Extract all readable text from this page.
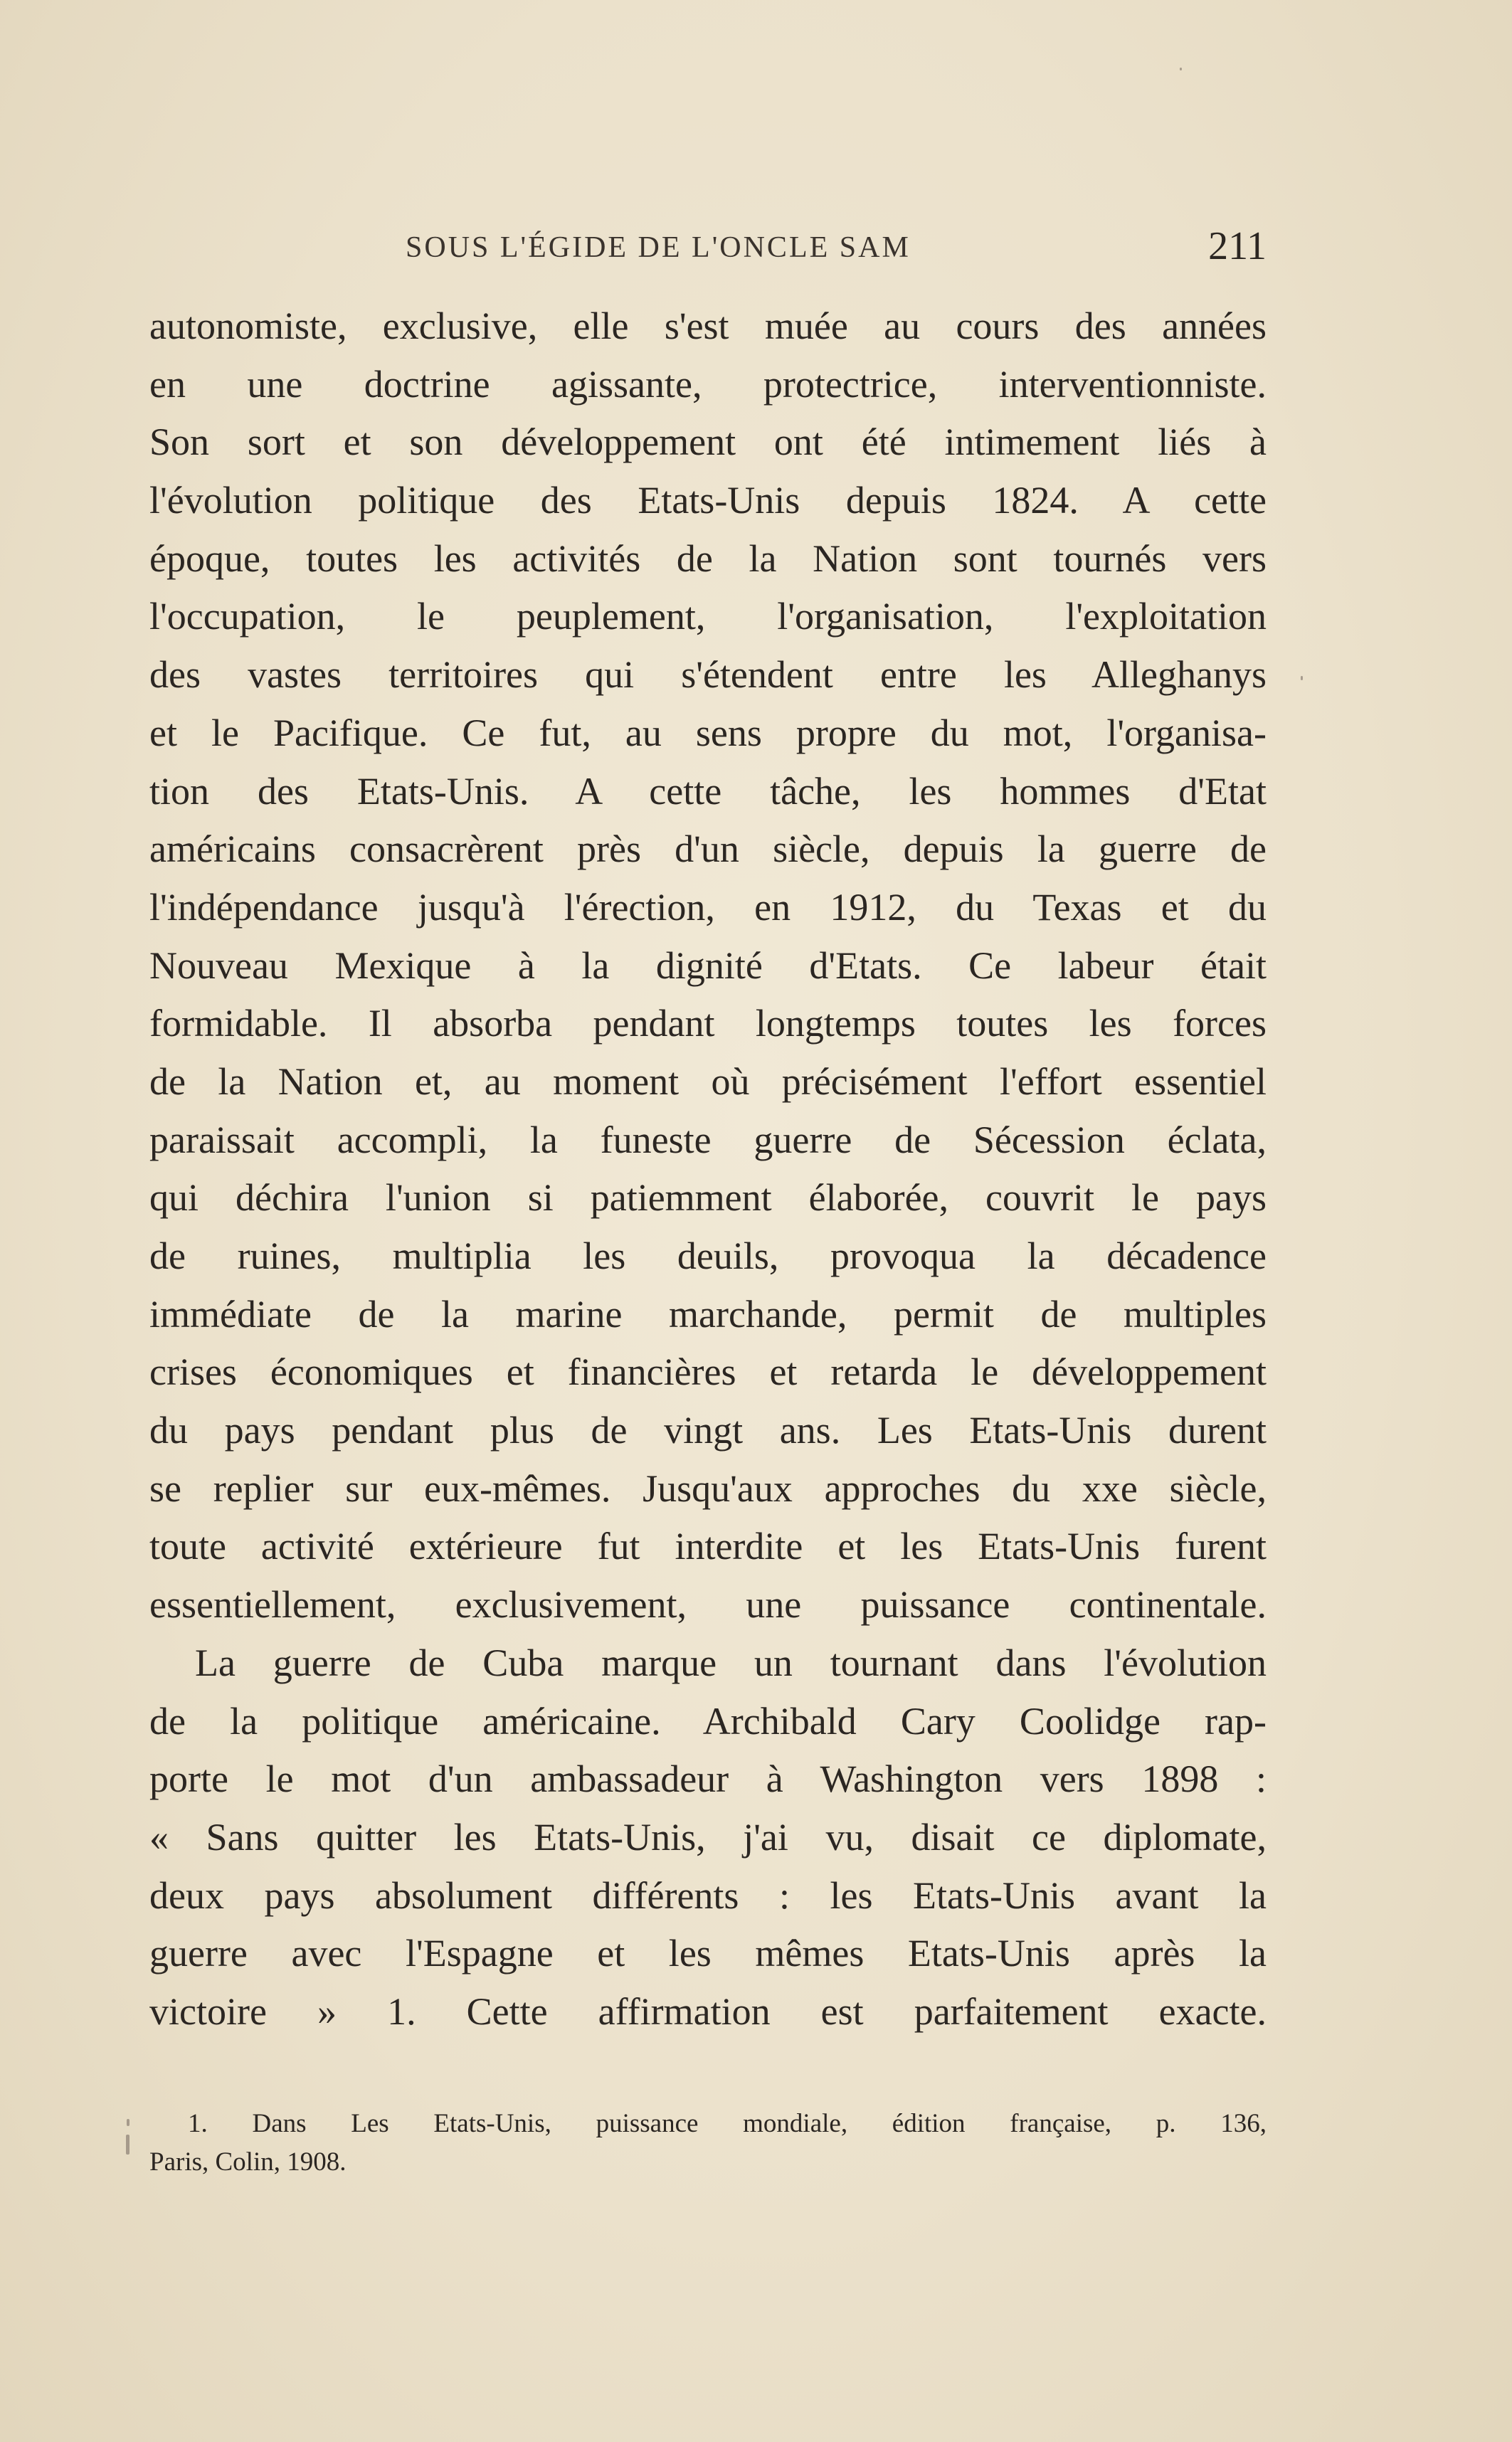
SOUS L'ÉGIDE DE L'ONCLE SAM	211
autonomiste, exclusive, elle s'est muée au cours des années
en une doctrine agissante, protectrice, interventionniste.
Son sort et son développement ont été intimement liés à
l'évolution politique des Etats-Unis depuis 1824. A cette
époque, toutes les activités de la Nation sont tournés vers
l'occupation, le peuplement, l'organisation, l'exploitation
des vastes territoires qui s'étendent entre les Alleghanys
et le Pacifique. Ce fut, au sens propre du mot, l'organisa-
tion des Etats-Unis. A cette tâche, les hommes d'Etat
américains consacrèrent près d'un siècle, depuis la guerre de
l'indépendance jusqu'à l'érection, en 1912, du Texas et du
Nouveau Mexique à la dignité d'Etats. Ce labeur était
formidable. Il absorba pendant longtemps toutes les forces
de la Nation et, au moment où précisément l'effort essentiel
paraissait accompli, la funeste guerre de Sécession éclata,
qui déchira l'union si patiemment élaborée, couvrit le pays
de ruines, multiplia les deuils, provoqua la décadence
immédiate de la marine marchande, permit de multiples
crises économiques et financières et retarda le développement
du pays pendant plus de vingt ans. Les Etats-Unis durent
se replier sur eux-mêmes. Jusqu'aux approches du xxe siècle,
toute activité extérieure fut interdite et les Etats-Unis furent
essentiellement, exclusivement, une puissance continentale.
La guerre de Cuba marque un tournant dans l'évolution
de la politique américaine. Archibald Cary Coolidge rap-
porte le mot d'un ambassadeur à Washington vers 1898 :
« Sans quitter les Etats-Unis, j'ai vu, disait ce diplomate,
deux pays absolument différents : les Etats-Unis avant la
guerre avec l'Espagne et les mêmes Etats-Unis après la
victoire » 1. Cette affirmation est parfaitement exacte.
1. Dans Les Etats-Unis, puissance mondiale, édition française, p. 136,
Paris, Colin, 1908.
